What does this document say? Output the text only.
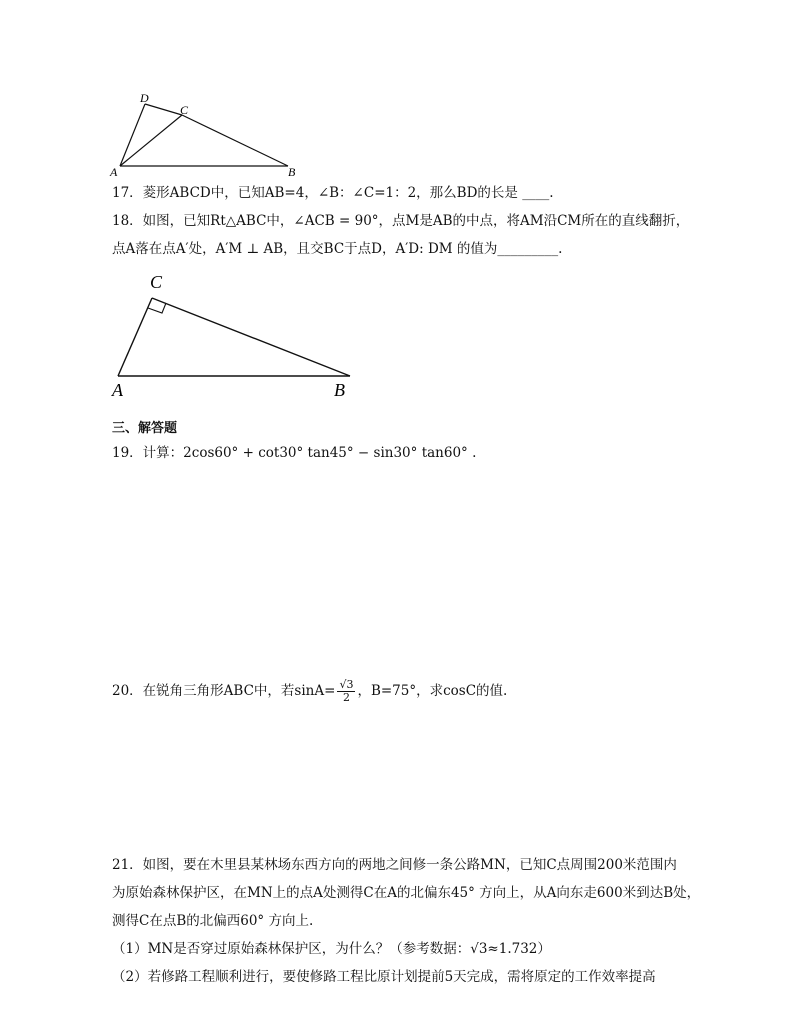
D
C
A	B
17．菱形ABCD中，已知AB=4，∠B：∠C=1：2，那么BD的长是 ____.
18．如图，已知Rt△ABC中，∠ACB = 90°，点M是AB的中点，将AM沿CM所在的直线翻折，
点A落在点A′处，A′M ⊥ AB，且交BC于点D，A′D: DM 的值为_________.
C
A	B
三、解答题
19．计算：2cos60° + cot30° tan45° − sin30° tan60° .
20．在锐角三角形ABC中，若$\sin A= \frac{√3}{2}$ ，B=75°，求cosC的值.
21．如图，要在木里县某林场东西方向的两地之间修一条公路MN，已知C点周围200米范围内
为原始森林保护区，在MN上的点A处测得C在A的北偏东45° 方向上，从A向东走600米到达B处，
测得C在点B的北偏西60° 方向上.
（1）MN是否穿过原始森林保护区，为什么？（参考数据：√3≈1.732）
（2）若修路工程顺利进行，要使修路工程比原计划提前5天完成，需将原定的工作效率提高
